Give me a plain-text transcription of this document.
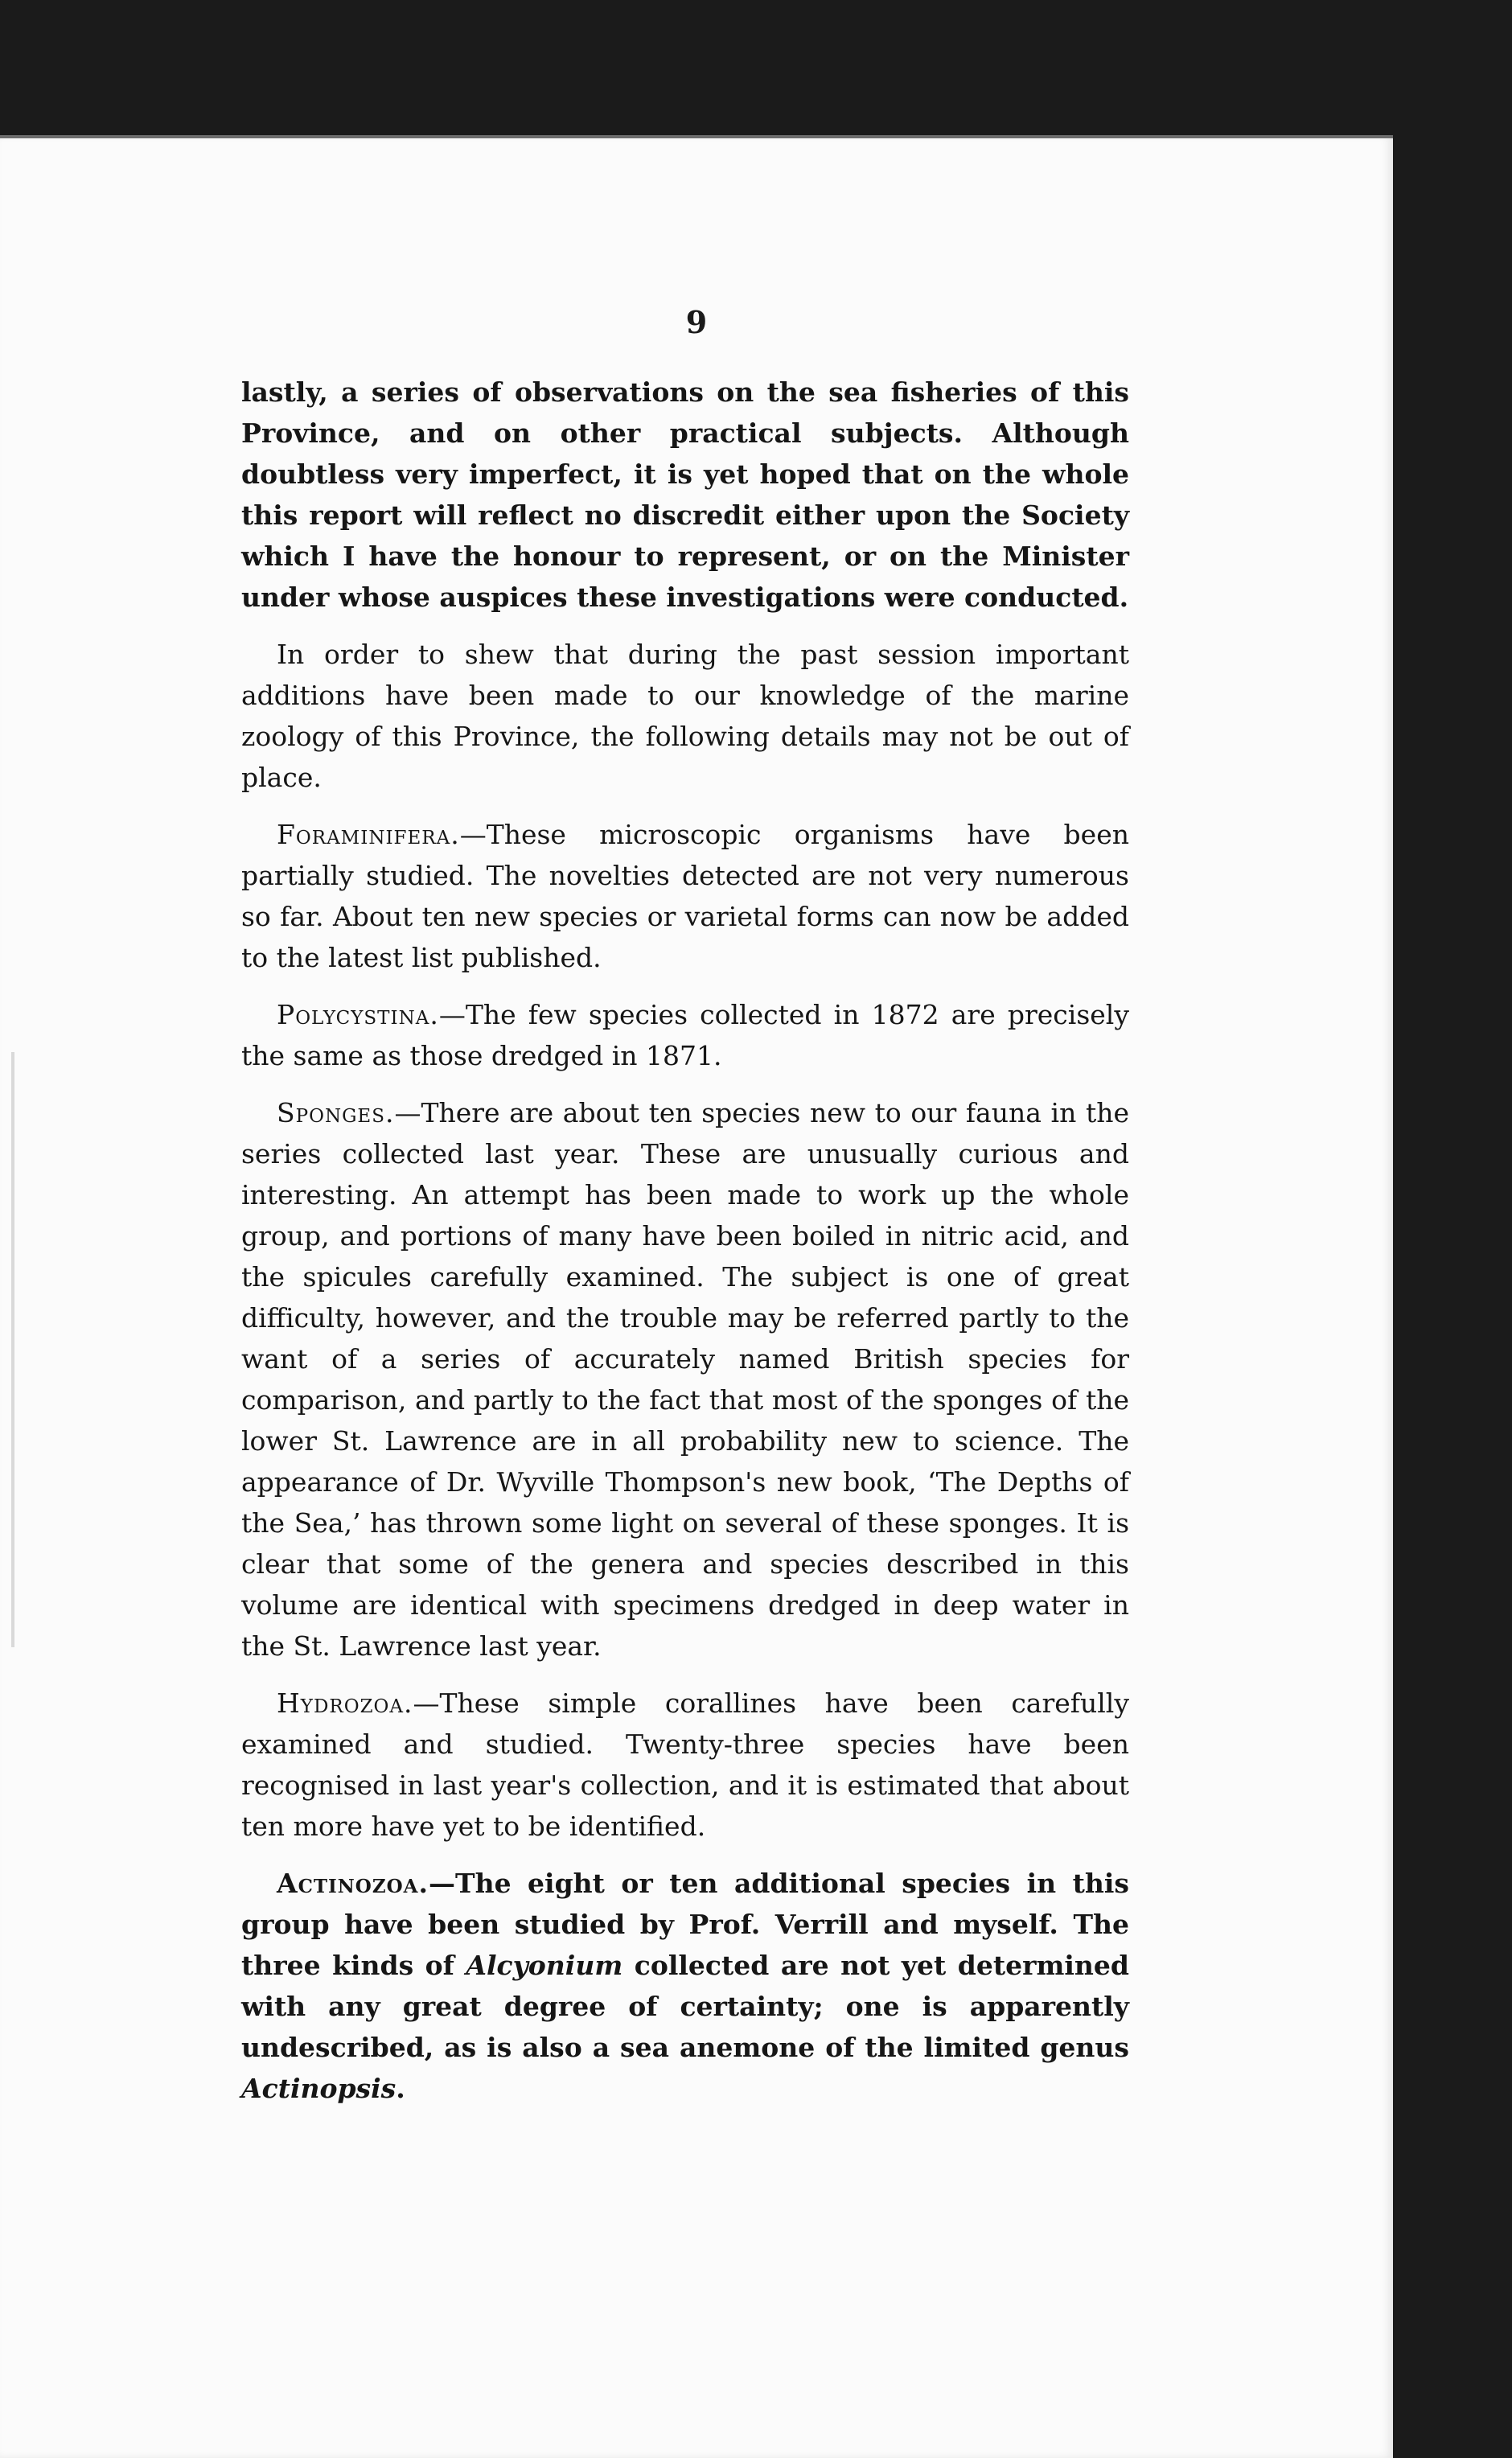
9

lastly, a series of observations on the sea fisheries of this Province, and on other practical subjects. Although doubtless very imperfect, it is yet hoped that on the whole this report will reflect no discredit either upon the Society which I have the honour to represent, or on the Minister under whose auspices these investigations were conducted.

In order to shew that during the past session important additions have been made to our knowledge of the marine zoology of this Province, the following details may not be out of place.

Foraminifera.—These microscopic organisms have been partially studied. The novelties detected are not very numerous so far. About ten new species or varietal forms can now be added to the latest list published.

Polycystina.—The few species collected in 1872 are precisely the same as those dredged in 1871.

Sponges.—There are about ten species new to our fauna in the series collected last year. These are unusually curious and interesting. An attempt has been made to work up the whole group, and portions of many have been boiled in nitric acid, and the spicules carefully examined. The subject is one of great difficulty, however, and the trouble may be referred partly to the want of a series of accurately named British species for comparison, and partly to the fact that most of the sponges of the lower St. Lawrence are in all probability new to science. The appearance of Dr. Wyville Thompson's new book, ‘The Depths of the Sea,’ has thrown some light on several of these sponges. It is clear that some of the genera and species described in this volume are identical with specimens dredged in deep water in the St. Lawrence last year.

Hydrozoa.—These simple corallines have been carefully examined and studied. Twenty-three species have been recognised in last year's collection, and it is estimated that about ten more have yet to be identified.

Actinozoa.—The eight or ten additional species in this group have been studied by Prof. Verrill and myself. The three kinds of Alcyonium collected are not yet determined with any great degree of certainty; one is apparently undescribed, as is also a sea anemone of the limited genus Actinopsis.
